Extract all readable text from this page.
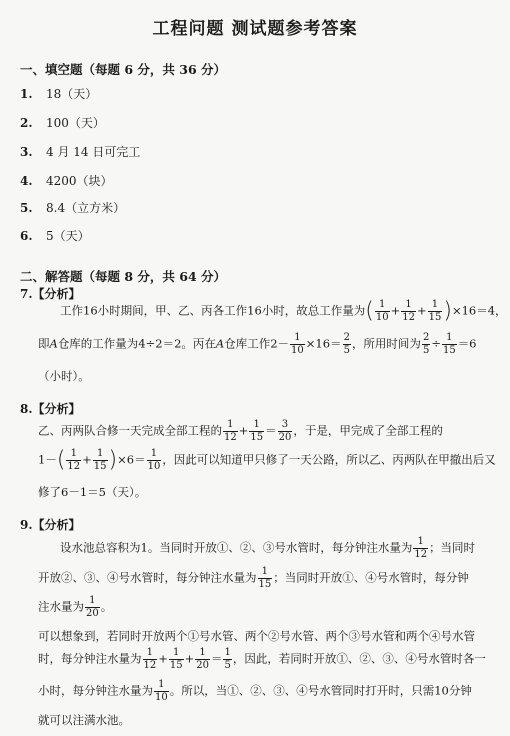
工程问题 测试题参考答案
一、填空题（每题 6 分，共 36 分）
1. 18（天）
2. 100（天）
3. 4 月 14 日可完工
4. 4200（块）
5. 8.4（立方米）
6. 5（天）
二、解答题（每题 8 分，共 64 分）
7.【分析】
工作16小时期间，甲、乙、丙各工作16小时，故总工作量为( $\frac{1}{10} + \frac{1}{12} + \frac{1}{15} )\times 16=4$，
即A仓库的工作量为4÷2＝2。丙在A仓库工作$2- \frac{1}{10} \times 16= \frac{2}{5}$ ，所用时间为 $\frac{2}{5} \div \frac{1}{15} =6$
（小时）。
8.【分析】
乙、丙两队合修一天完成全部工程的 $\frac{1}{12} + \frac{1}{15} = \frac{3}{20}$ ，于是，甲完成了全部工程的
$1-( \frac{1}{12} + \frac{1}{15} )\times 6= \frac{1}{10}$ ，因此可以知道甲只修了一天公路，所以乙、丙两队在甲撤出后又
修了6－1＝5（天）。
9.【分析】
设水池总容积为1。当同时开放①、②、③号水管时，每分钟注水量为 $\frac{1}{12}$ ；当同时
开放②、③、④号水管时，每分钟注水量为 $\frac{1}{15}$ ；当同时开放①、④号水管时，每分钟
注水量为 $\frac{1}{20}$ 。
可以想象到，若同时开放两个①号水管、两个②号水管、两个③号水管和两个④号水管
时，每分钟注水量为 $\frac{1}{12} + \frac{1}{15} + \frac{1}{20} = \frac{1}{5}$ ，因此，若同时开放①、②、③、④号水管时各一
小时，每分钟注水量为 $\frac{1}{10}$ 。所以，当①、②、③、④号水管同时打开时，只需10分钟
就可以注满水池。
